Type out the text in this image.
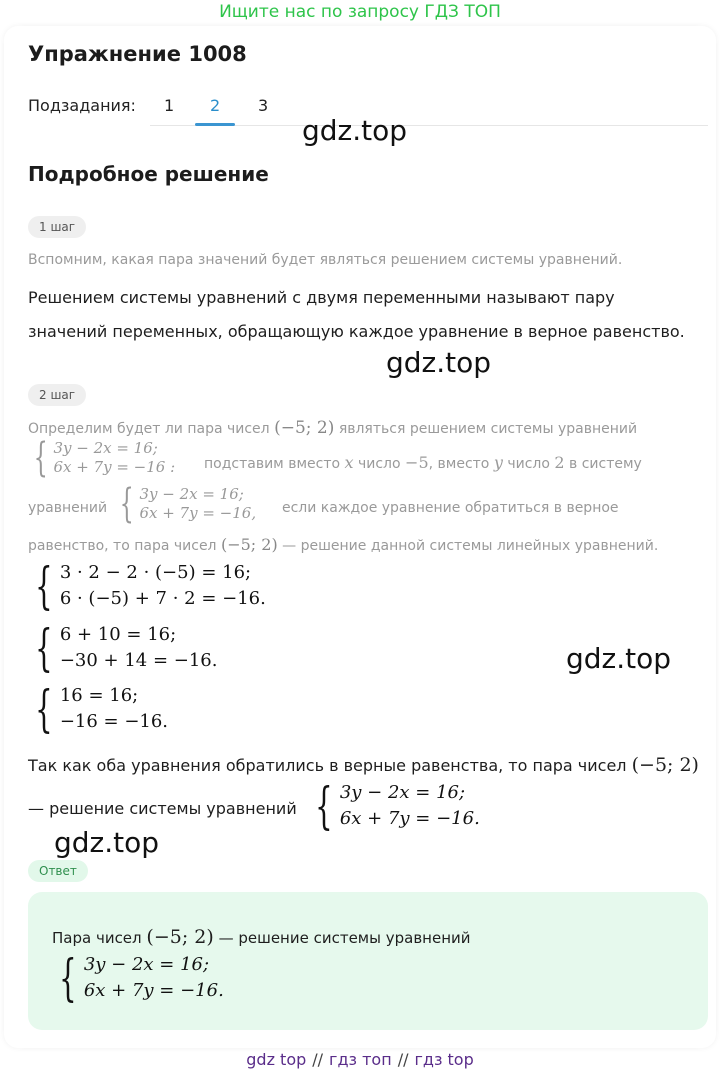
Ищите нас по запросу ГДЗ ТОП
Упражнение 1008
Подзадания: 1 2 3
gdz.top
Подробное решение
1 шаг
Вспомним, какая пара значений будет являться решением системы уравнений.
Решением системы уравнений с двумя переменными называют пару
значений переменных, обращающую каждое уравнение в верное равенство.
gdz.top
2 шаг
Определим будет ли пара чисел (−5; 2) являться решением системы уравнений
{ 3y − 2x = 16;
6x + 7y = −16 : подставим вместо x число −5, вместо y число 2 в систему
уравнений { 3y − 2x = 16;
6x + 7y = −16, если каждое уравнение обратиться в верное
равенство, то пара чисел (−5; 2) — решение данной системы линейных уравнений.
{ 3 · 2 − 2 · (−5) = 16;
6 · (−5) + 7 · 2 = −16.
{ 6 + 10 = 16;
−30 + 14 = −16.	gdz.top
{ 16 = 16;
−16 = −16.
Так как оба уравнения обратились в верные равенства, то пара чисел (−5; 2)
— решение системы уравнений { 3y − 2x = 16;
6x + 7y = −16.
gdz.top
Ответ
Пара чисел (−5; 2) — решение системы уравнений
{ 3y − 2x = 16;
6x + 7y = −16.
gdz top // гдз топ // гдз top
